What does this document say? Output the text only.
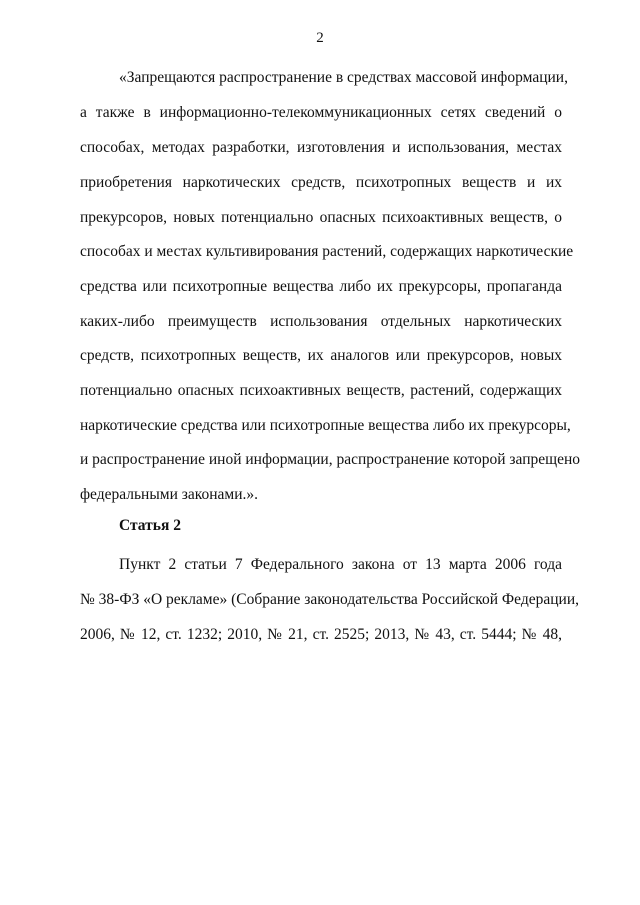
2
«Запрещаются распространение в средствах массовой информации,
а также в информационно-телекоммуникационных сетях сведений о
способах, методах разработки, изготовления и использования, местах
приобретения наркотических средств, психотропных веществ и их
прекурсоров, новых потенциально опасных психоактивных веществ, о
способах и местах культивирования растений, содержащих наркотические
средства или психотропные вещества либо их прекурсоры, пропаганда
каких-либо преимуществ использования отдельных наркотических
средств, психотропных веществ, их аналогов или прекурсоров, новых
потенциально опасных психоактивных веществ, растений, содержащих
наркотические средства или психотропные вещества либо их прекурсоры,
и распространение иной информации, распространение которой запрещено
федеральными законами.».
Статья 2
Пункт 2 статьи 7 Федерального закона от 13 марта 2006 года
№ 38-ФЗ «О рекламе» (Собрание законодательства Российской Федерации,
2006, № 12, ст. 1232; 2010, № 21, ст. 2525; 2013, № 43, ст. 5444; № 48,
